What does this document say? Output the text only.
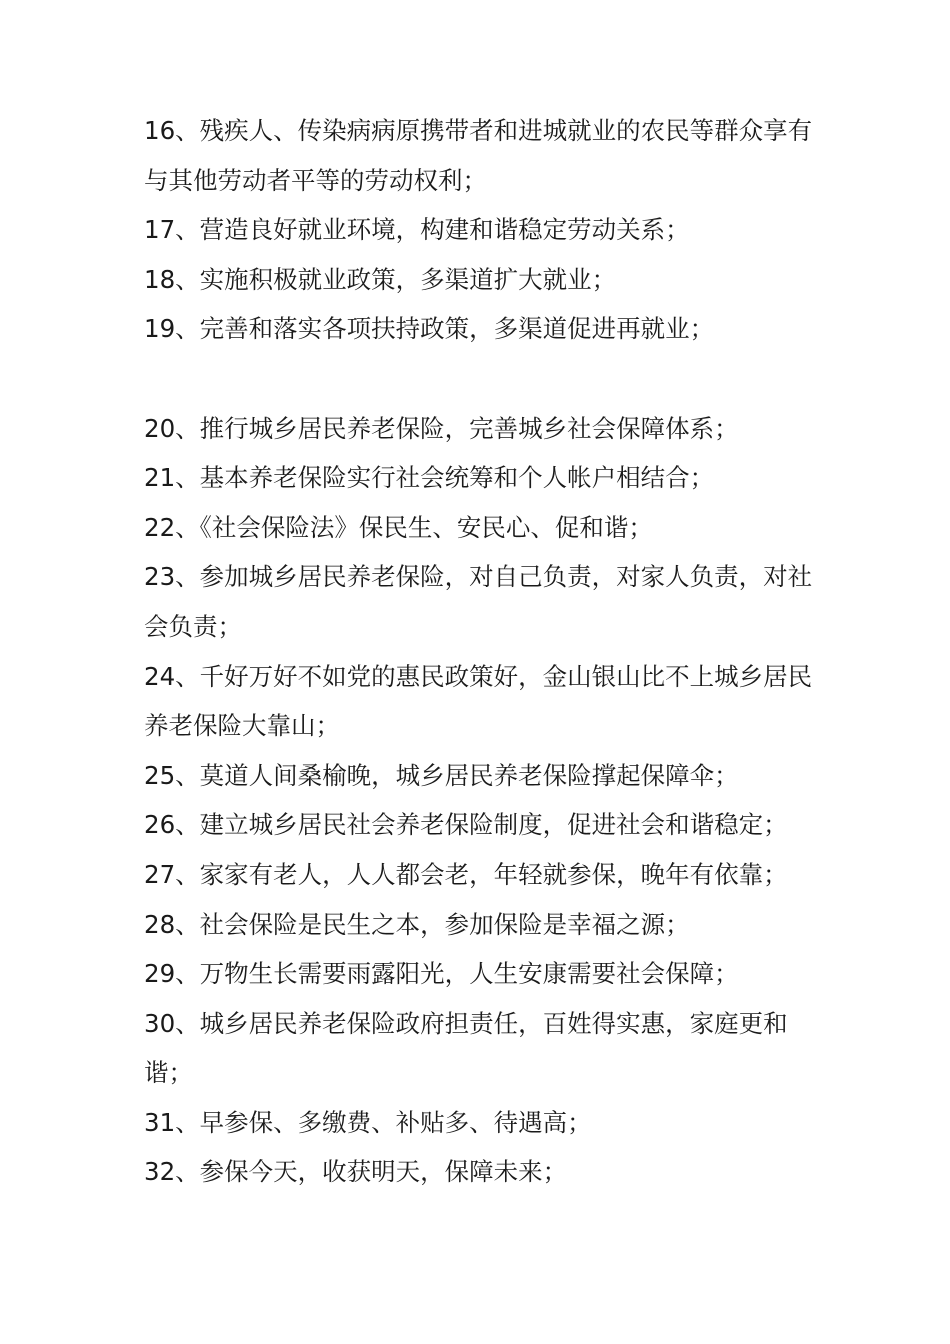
16、残疾人、传染病病原携带者和进城就业的农民等群众享有与其他劳动者平等的劳动权利；

17、营造良好就业环境，构建和谐稳定劳动关系；

18、实施积极就业政策，多渠道扩大就业；

19、完善和落实各项扶持政策，多渠道促进再就业；

20、推行城乡居民养老保险，完善城乡社会保障体系；

21、基本养老保险实行社会统筹和个人帐户相结合；

22、《社会保险法》保民生、安民心、促和谐；

23、参加城乡居民养老保险，对自己负责，对家人负责，对社会负责；

24、千好万好不如党的惠民政策好，金山银山比不上城乡居民养老保险大靠山；

25、莫道人间桑榆晚，城乡居民养老保险撑起保障伞；

26、建立城乡居民社会养老保险制度，促进社会和谐稳定；

27、家家有老人，人人都会老，年轻就参保，晚年有依靠；

28、社会保险是民生之本，参加保险是幸福之源；

29、万物生长需要雨露阳光，人生安康需要社会保障；

30、城乡居民养老保险政府担责任，百姓得实惠，家庭更和谐；

31、早参保、多缴费、补贴多、待遇高；

32、参保今天，收获明天，保障未来；
